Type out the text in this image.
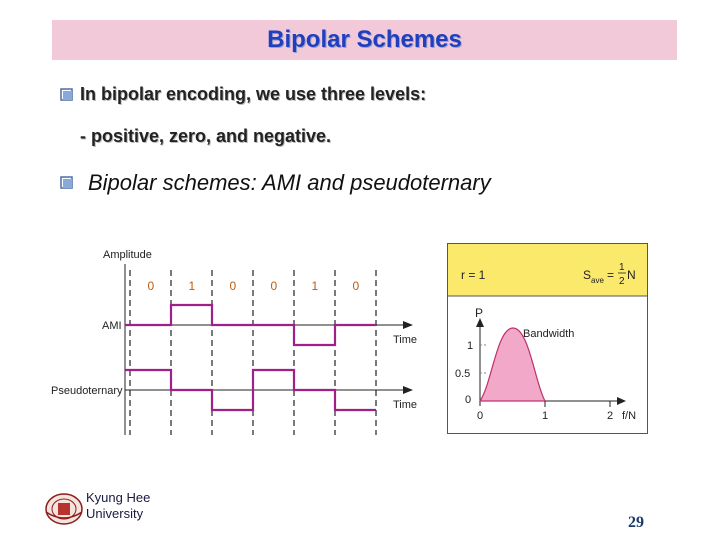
Bipolar Schemes
In bipolar encoding, we use three levels:
- positive, zero, and negative.
Bipolar schemes: AMI and pseudoternary
Amplitude
0	1	0	0	1	0
AMI
Time
Pseudoternary
Time
r = 1	S ave =
1
2 N
P
Bandwidth
1
0.5
0
0	1	2 f/N
Kyung Hee
University
29
